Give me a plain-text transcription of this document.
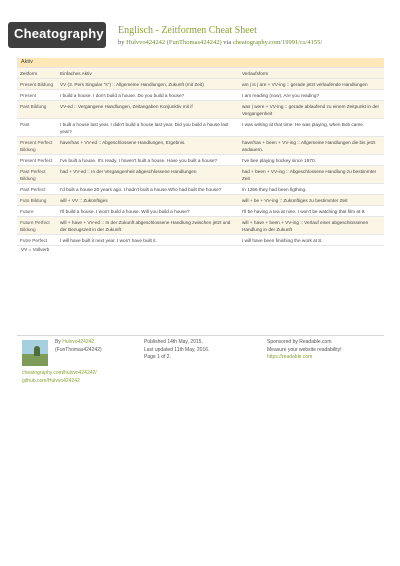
Cheatography Englisch - Zeitformen Cheat Sheet
by Hulvvo424242 (FunThomas424242) via cheatography.com/19991/cs/4155/
Aktiv
Zeitform	Einfaches Aktiv	Verlaufsform
Present Bildung	VV (3. Pers Singular "s") :: Allgemeine Handlungen, Zukunft (mit Zeit)	am | is | are + VV-ing :: gerade jetzt verlaufende Handlungen
Present	I build a house. I don't build a house. Do you build a house?	I am reading (now). Are you reading?
Past Bildung	VV-ed :: Vergangene Handlungen, Zeitangaben Konjunktiv mit if	was | were + VV-ing :: gerade ablaufend zu einem Zeitpunkt in der Vergangenheit
Past	I built a house last year. I didn't build a house last year. Did you build a house last year?	I was writing at that time. He was playing, when Bob came.
Present Perfect Bildung	have/has + VV-ed :: Abgeschlossene Handlungen, Ergebnis.	have/has + been + VV-ing :: Allgemeine Handlungen die bis jetzt andauern.
Present Perfect	I've built a house. It's ready. I haven't built a house. Have you built a house?	I've bee playing hockey since 1970.
Past Perfect Bildung	had + VV-ed :: In der Vergangenheit abgeschlossene Handlungen	had + been + VV-ing :: Abgeschlossene Handlung zu bestimmter Zeit
Past Perfect	I'd built a house 20 years ago. I hadn't built a house.Who had built the house?	In 1266 they had been figthing.
Futo Bildung	will + VV :: Zukünftiges	will + be + VV-ing :: Zukünftiges zu bestimmter Zeit
Future	I'll build a house. I won't build a house. Will you build a house?	I'll be having a tea at nine. I won't be watching that film at 9.
Future Perfect Bildung	will + have + VV-ed :: In der Zukunft abgeschlossene Handlung zwischen jetzt und der Bezugszeit in der Zukunft	will + have + been + VV-ing :: Verlauf einer abgeschlossenen Handlung in der Zukunft
Futre Perfect	I will have built it next year. I won't have built it.	I will have been finishing the work at 8.
VV = Vollverb
By Hulvvo424242
(FunThomas424242)
cheatography.com/hulvvo424242/
github.com/Hulvvo424242
Published 14th May, 2015.
Last updated 11th May, 2016.
Page 1 of 2.
Sponsored by Readable.com
Measure your website readability!
https://readable.com
